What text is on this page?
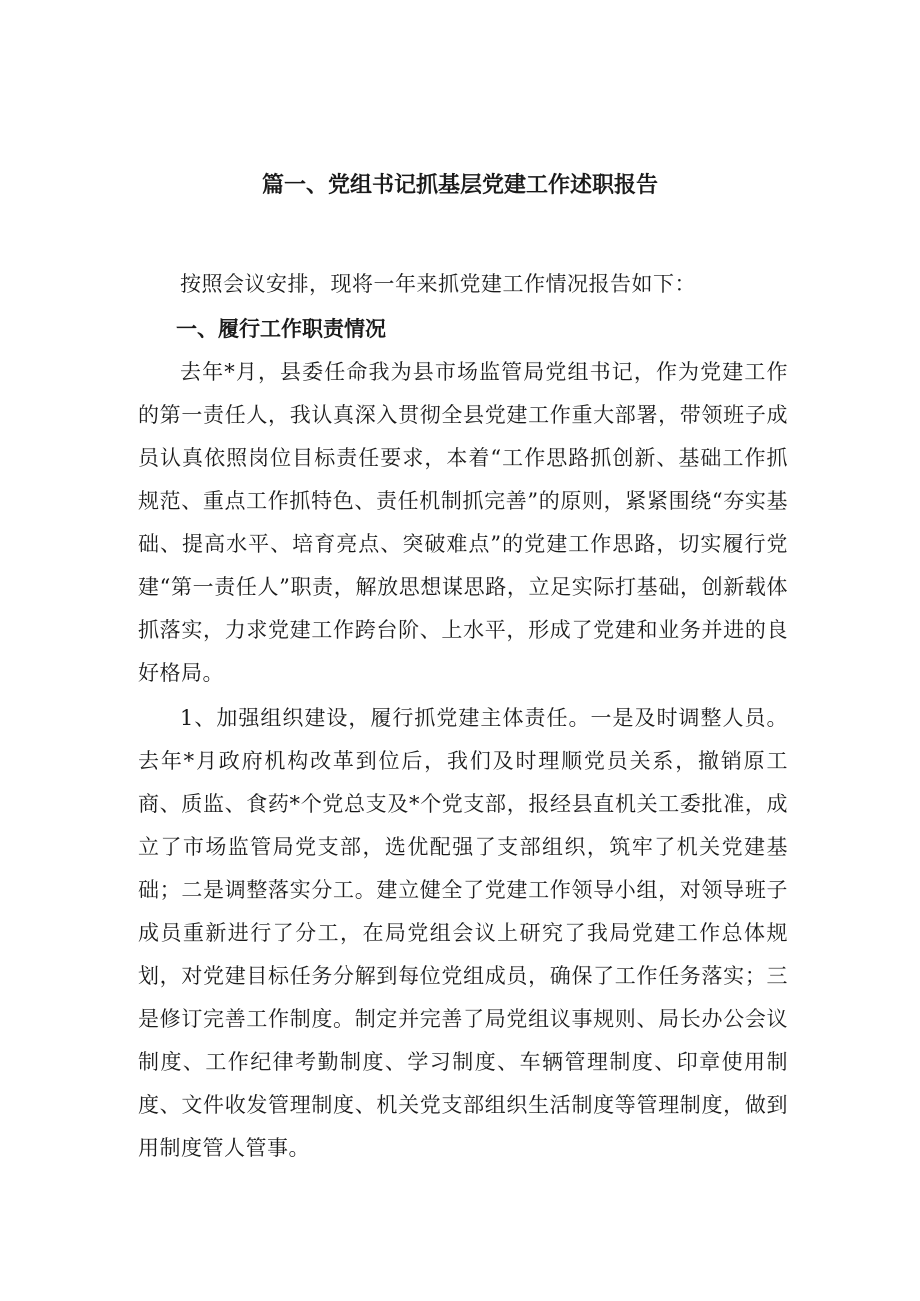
篇一、党组书记抓基层党建工作述职报告

按照会议安排，现将一年来抓党建工作情况报告如下：

一、履行工作职责情况

去年*月，县委任命我为县市场监管局党组书记，作为党建工作的第一责任人，我认真深入贯彻全县党建工作重大部署，带领班子成员认真依照岗位目标责任要求，本着“工作思路抓创新、基础工作抓规范、重点工作抓特色、责任机制抓完善”的原则，紧紧围绕“夯实基础、提高水平、培育亮点、突破难点”的党建工作思路，切实履行党建“第一责任人”职责，解放思想谋思路，立足实际打基础，创新载体抓落实，力求党建工作跨台阶、上水平，形成了党建和业务并进的良好格局。

1、加强组织建设，履行抓党建主体责任。一是及时调整人员。去年*月政府机构改革到位后，我们及时理顺党员关系，撤销原工商、质监、食药*个党总支及*个党支部，报经县直机关工委批准，成立了市场监管局党支部，选优配强了支部组织，筑牢了机关党建基础；二是调整落实分工。建立健全了党建工作领导小组，对领导班子成员重新进行了分工，在局党组会议上研究了我局党建工作总体规划，对党建目标任务分解到每位党组成员，确保了工作任务落实；三是修订完善工作制度。制定并完善了局党组议事规则、局长办公会议制度、工作纪律考勤制度、学习制度、车辆管理制度、印章使用制度、文件收发管理制度、机关党支部组织生活制度等管理制度，做到用制度管人管事。
